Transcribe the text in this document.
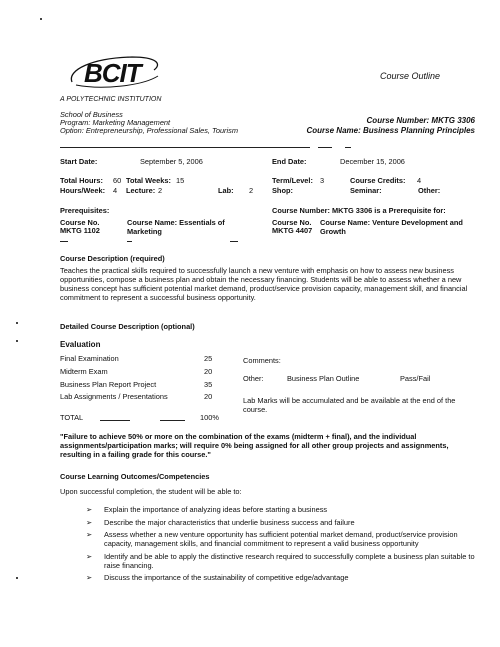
BCIT	Course Outline
A POLYTECHNIC INSTITUTION
School of Business
Program: Marketing Management
Option: Entrepreneurship, Professional Sales, Tourism
Course Number: MKTG 3306
Course Name: Business Planning Principles
Start Date:	September 5, 2006	End Date:	December 15, 2006
Total Hours: 60 Total Weeks: 15	Term/Level: 3	Course Credits: 4
Hours/Week: 4 Lecture: 2	Lab: 2	Shop:	Seminar:	Other:
Prerequisites:
Course No.
MKTG 1102
Course Name: Essentials of Marketing
Course Number: MKTG 3306 is a Prerequisite for:
Course No.
MKTG 4407
Course Name: Venture Development and Growth
Course Description (required)
Teaches the practical skills required to successfully launch a new venture with emphasis on how to assess new business opportunities, compose a business plan and obtain the necessary financing. Students will be able to assess whether a new business concept has sufficient potential market demand, product/service provision capacity, management skill, and financial commitment to represent a successful business opportunity.
Detailed Course Description (optional)
Evaluation
Final Examination	25
Midterm Exam	20
Business Plan Report Project	35
Lab Assignments / Presentations	20
TOTAL	100%
Comments:
Other:	Business Plan Outline	Pass/Fail
Lab Marks will be accumulated and be available at the end of the course.
"Failure to achieve 50% or more on the combination of the exams (midterm + final), and the individual assignments/participation marks; will require 0% being assigned for all other group projects and assignments, resulting in a failing grade for this course."
Course Learning Outcomes/Competencies
Upon successful completion, the student will be able to:
➢ Explain the importance of analyzing ideas before starting a business
➢ Describe the major characteristics that underlie business success and failure
➢ Assess whether a new venture opportunity has sufficient potential market demand, product/service provision capacity, management skills, and financial commitment to represent a valid business opportunity
➢ Identify and be able to apply the distinctive research required to successfully complete a business plan suitable to raise financing.
➢ Discuss the importance of the sustainability of competitive edge/advantage
